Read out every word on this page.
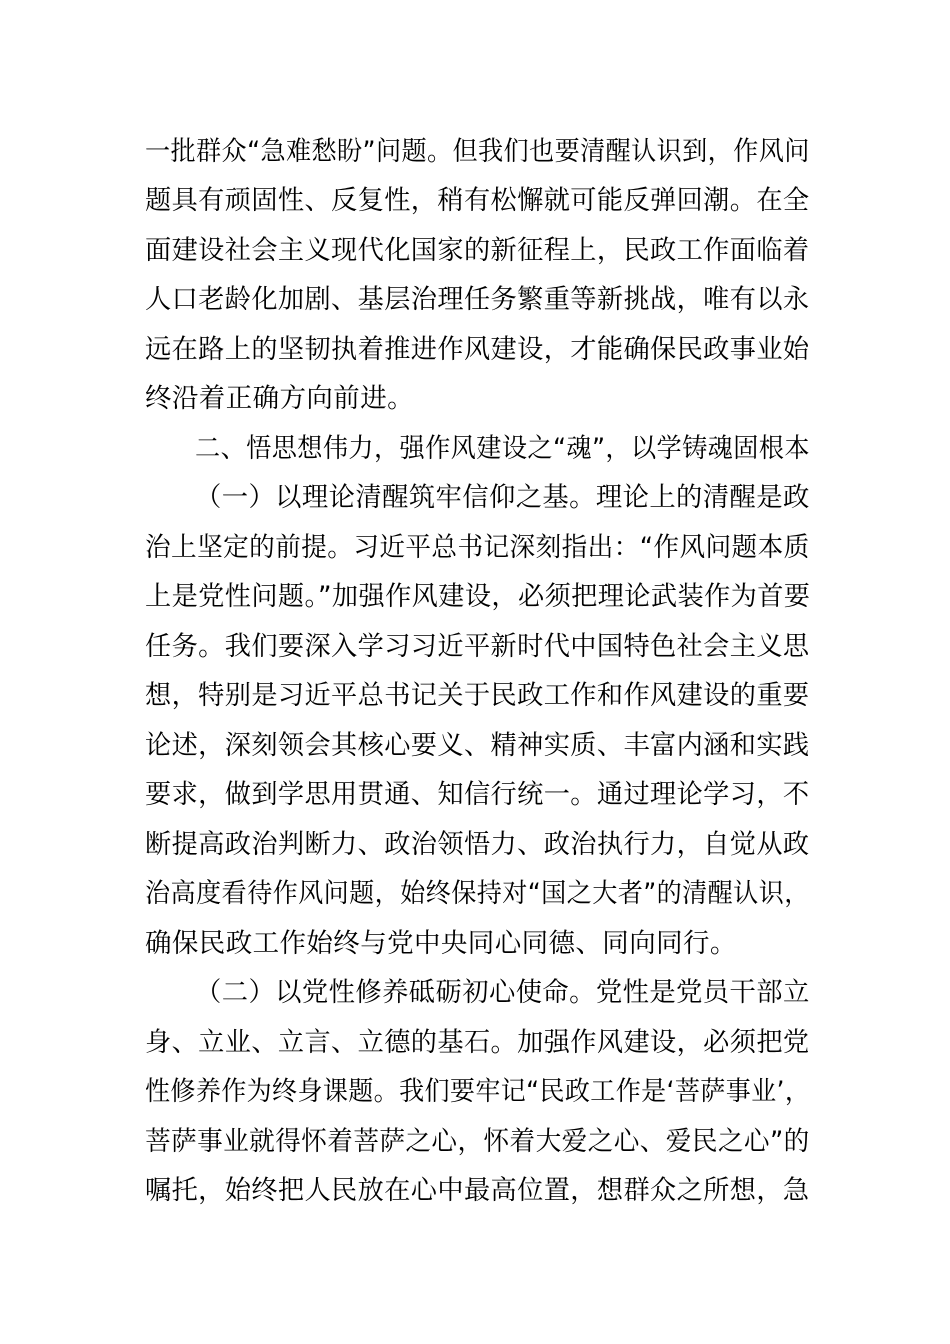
一批群众“急难愁盼”问题。但我们也要清醒认识到，作风问
题具有顽固性、反复性，稍有松懈就可能反弹回潮。在全
面建设社会主义现代化国家的新征程上，民政工作面临着
人口老龄化加剧、基层治理任务繁重等新挑战，唯有以永
远在路上的坚韧执着推进作风建设，才能确保民政事业始
终沿着正确方向前进。
二、悟思想伟力，强作风建设之“魂”，以学铸魂固根本
（一）以理论清醒筑牢信仰之基。理论上的清醒是政
治上坚定的前提。习近平总书记深刻指出：“作风问题本质
上是党性问题。”加强作风建设，必须把理论武装作为首要
任务。我们要深入学习习近平新时代中国特色社会主义思
想，特别是习近平总书记关于民政工作和作风建设的重要
论述，深刻领会其核心要义、精神实质、丰富内涵和实践
要求，做到学思用贯通、知信行统一。通过理论学习，不
断提高政治判断力、政治领悟力、政治执行力，自觉从政
治高度看待作风问题，始终保持对“国之大者”的清醒认识，
确保民政工作始终与党中央同心同德、同向同行。
（二）以党性修养砥砺初心使命。党性是党员干部立
身、立业、立言、立德的基石。加强作风建设，必须把党
性修养作为终身课题。我们要牢记“民政工作是‘菩萨事业’，
菩萨事业就得怀着菩萨之心，怀着大爱之心、爱民之心”的
嘱托，始终把人民放在心中最高位置，想群众之所想，急
